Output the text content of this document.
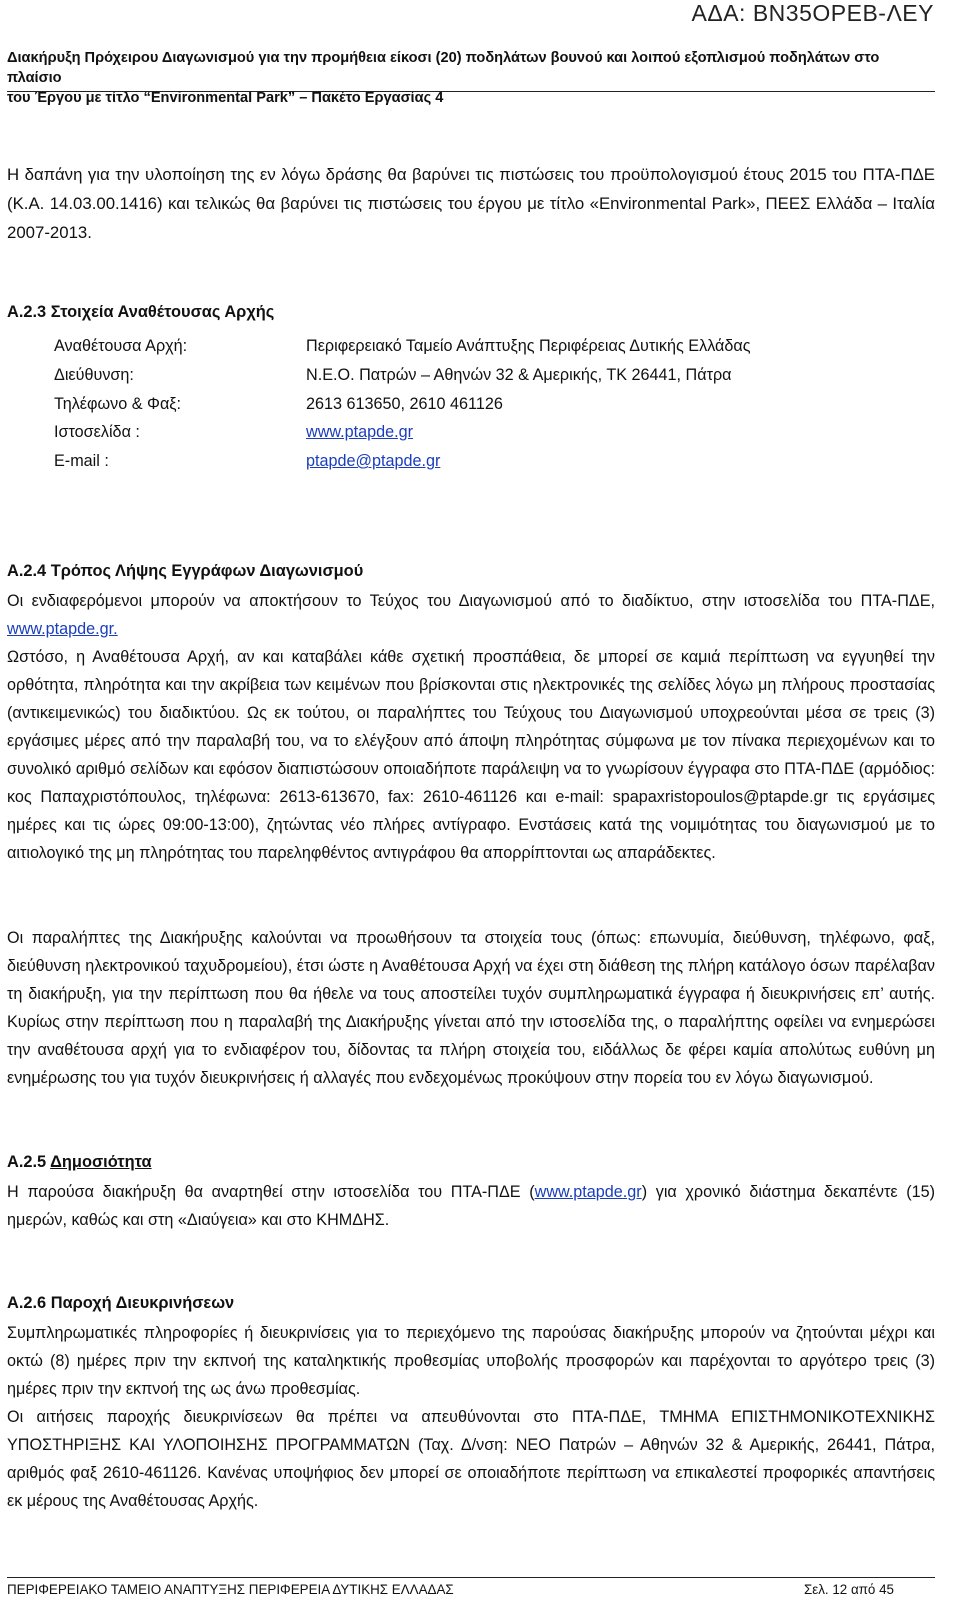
ΑΔΑ: ΒΝ35ΟΡΕΒ-ΛΕΥ
Διακήρυξη Πρόχειρου Διαγωνισμού για την προμήθεια είκοσι (20) ποδηλάτων βουνού και λοιπού εξοπλισμού ποδηλάτων στο πλαίσιο
του Έργου με τίτλο “Environmental Park” – Πακέτο Εργασίας 4

Η δαπάνη για την υλοποίηση της εν λόγω δράσης θα βαρύνει τις πιστώσεις του προϋπολογισμού έτους 2015 του ΠΤΑ-ΠΔΕ (Κ.Α. 14.03.00.1416) και τελικώς θα βαρύνει τις πιστώσεις του έργου με τίτλο «Environmental Park», ΠΕΕΣ Ελλάδα – Ιταλία 2007-2013.

Α.2.3 Στοιχεία Αναθέτουσας Αρχής
Αναθέτουσα Αρχή:	Περιφερειακό Ταμείο Ανάπτυξης Περιφέρειας Δυτικής Ελλάδας
Διεύθυνση:	Ν.Ε.Ο. Πατρών – Αθηνών 32 & Αμερικής, ΤΚ 26441, Πάτρα
Τηλέφωνο & Φαξ:	2613 613650, 2610 461126
Ιστοσελίδα :	www.ptapde.gr
E-mail :	ptapde@ptapde.gr
Α.2.4 Τρόπος Λήψης Εγγράφων Διαγωνισμού

Οι ενδιαφερόμενοι μπορούν να αποκτήσουν το Τεύχος του Διαγωνισμού από το διαδίκτυο, στην ιστοσελίδα του ΠΤΑ-ΠΔΕ, www.ptapde.gr.

Ωστόσο, η Αναθέτουσα Αρχή, αν και καταβάλει κάθε σχετική προσπάθεια, δε μπορεί σε καμιά περίπτωση να εγγυηθεί την ορθότητα, πληρότητα και την ακρίβεια των κειμένων που βρίσκονται στις ηλεκτρονικές της σελίδες λόγω μη πλήρους προστασίας (αντικειμενικώς) του διαδικτύου. Ως εκ τούτου, οι παραλήπτες του Τεύχους του Διαγωνισμού υποχρεούνται μέσα σε τρεις (3) εργάσιμες μέρες από την παραλαβή του, να το ελέγξουν από άποψη πληρότητας σύμφωνα με τον πίνακα περιεχομένων και το συνολικό αριθμό σελίδων και εφόσον διαπιστώσουν οποιαδήποτε παράλειψη να το γνωρίσουν έγγραφα στο ΠΤΑ-ΠΔΕ (αρμόδιος: κος Παπαχριστόπουλος, τηλέφωνα: 2613-613670, fax: 2610-461126 και e-mail: spapaxristopoulos@ptapde.gr τις εργάσιμες ημέρες και τις ώρες 09:00-13:00), ζητώντας νέο πλήρες αντίγραφο. Ενστάσεις κατά της νομιμότητας του διαγωνισμού με το αιτιολογικό της μη πληρότητας του παρεληφθέντος αντιγράφου θα απορρίπτονται ως απαράδεκτες.

Οι παραλήπτες της Διακήρυξης καλούνται να προωθήσουν τα στοιχεία τους (όπως: επωνυμία, διεύθυνση, τηλέφωνο, φαξ, διεύθυνση ηλεκτρονικού ταχυδρομείου), έτσι ώστε η Αναθέτουσα Αρχή να έχει στη διάθεση της πλήρη κατάλογο όσων παρέλαβαν τη διακήρυξη, για την περίπτωση που θα ήθελε να τους αποστείλει τυχόν συμπληρωματικά έγγραφα ή διευκρινήσεις επ’ αυτής. Κυρίως στην περίπτωση που η παραλαβή της Διακήρυξης γίνεται από την ιστοσελίδα της, ο παραλήπτης οφείλει να ενημερώσει την αναθέτουσα αρχή για το ενδιαφέρον του, δίδοντας τα πλήρη στοιχεία του, ειδάλλως δε φέρει καμία απολύτως ευθύνη μη ενημέρωσης του για τυχόν διευκρινήσεις ή αλλαγές που ενδεχομένως προκύψουν στην πορεία του εν λόγω διαγωνισμού.

Α.2.5 Δημοσιότητα

Η παρούσα διακήρυξη θα αναρτηθεί στην ιστοσελίδα του ΠΤΑ-ΠΔΕ (www.ptapde.gr) για χρονικό διάστημα δεκαπέντε (15) ημερών, καθώς και στη «Διαύγεια» και στο ΚΗΜΔΗΣ.

Α.2.6 Παροχή Διευκρινήσεων

Συμπληρωματικές πληροφορίες ή διευκρινίσεις για το περιεχόμενο της παρούσας διακήρυξης μπορούν να ζητούνται μέχρι και οκτώ (8) ημέρες πριν την εκπνοή της καταληκτικής προθεσμίας υποβολής προσφορών και παρέχονται το αργότερο τρεις (3) ημέρες πριν την εκπνοή της ως άνω προθεσμίας.

Οι αιτήσεις παροχής διευκρινίσεων θα πρέπει να απευθύνονται στο ΠΤΑ-ΠΔΕ, ΤΜΗΜΑ ΕΠΙΣΤΗΜΟΝΙΚΟΤΕΧΝΙΚΗΣ ΥΠΟΣΤΗΡΙΞΗΣ ΚΑΙ ΥΛΟΠΟΙΗΣΗΣ ΠΡΟΓΡΑΜΜΑΤΩΝ (Ταχ. Δ/νση: ΝΕΟ Πατρών – Αθηνών 32 & Αμερικής, 26441, Πάτρα, αριθμός φαξ 2610-461126. Κανένας υποψήφιος δεν μπορεί σε οποιαδήποτε περίπτωση να επικαλεστεί προφορικές απαντήσεις εκ μέρους της Αναθέτουσας Αρχής.

ΠΕΡΙΦΕΡΕΙΑΚΟ ΤΑΜΕΙΟ ΑΝΑΠΤΥΞΗΣ ΠΕΡΙΦΕΡΕΙΑ ΔΥΤΙΚΗΣ ΕΛΛΑΔΑΣ	Σελ. 12 από 45
